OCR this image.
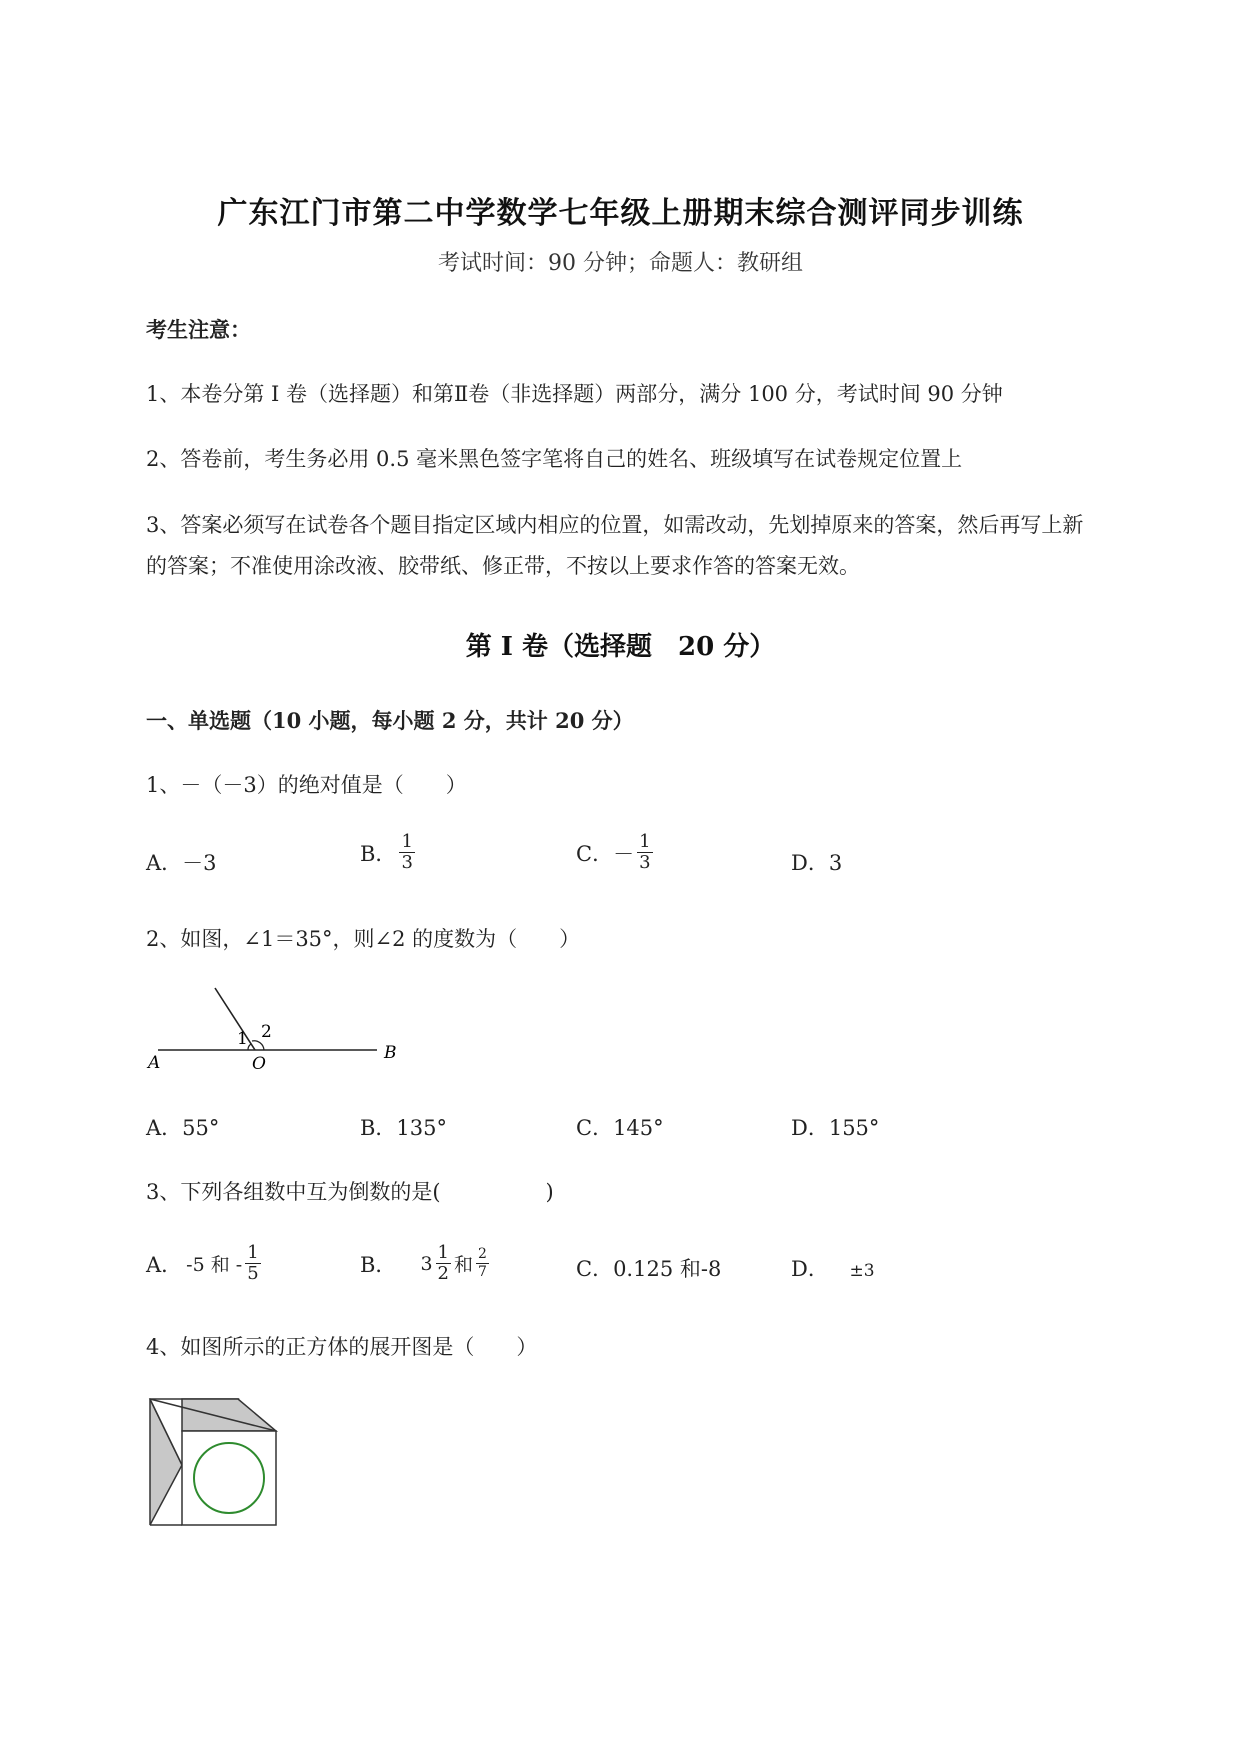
广东江门市第二中学数学七年级上册期末综合测评同步训练
考试时间：90 分钟；命题人：教研组
考生注意：
1、本卷分第 I 卷（选择题）和第Ⅱ卷（非选择题）两部分，满分 100 分，考试时间 90 分钟
2、答卷前，考生务必用 0.5 毫米黑色签字笔将自己的姓名、班级填写在试卷规定位置上
3、答案必须写在试卷各个题目指定区域内相应的位置，如需改动，先划掉原来的答案，然后再写上新
的答案；不准使用涂改液、胶带纸、修正带，不按以上要求作答的答案无效。
第 I 卷（选择题　20 分）
一、单选题（10 小题，每小题 2 分，共计 20 分）
1、－（－3）的绝对值是（　　）
A．－3	B． $\frac{1}{3}$	C．－ $\frac{1}{3}$	D．3
2、如图，∠1＝35°，则∠2 的度数为（　　）
A	O
B
1 2
A．55°	B．135°	C．145°	D．155°
3、下列各组数中互为倒数的是(　　　　　)
A． -5 和 - $\frac{1}{5}$	B． $3 \frac{1}{2}$ 和 $\frac{2}{7}$	C．0.125 和-8	D． ±3
4、如图所示的正方体的展开图是（　　）
